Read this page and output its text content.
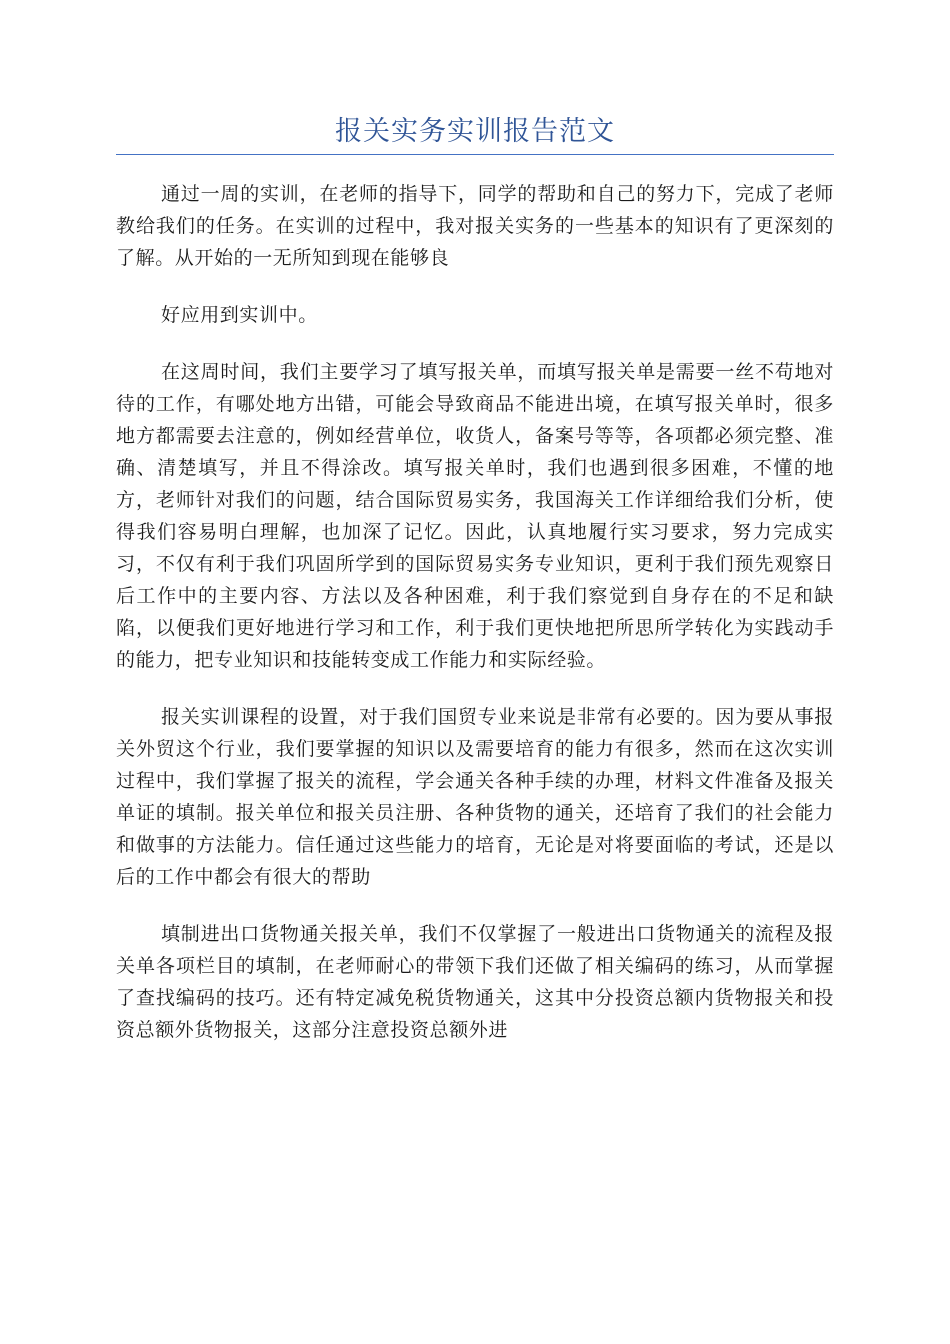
报关实务实训报告范文

通过一周的实训，在老师的指导下，同学的帮助和自己的努力下，完成了老师教给我们的任务。在实训的过程中，我对报关实务的一些基本的知识有了更深刻的了解。从开始的一无所知到现在能够良

好应用到实训中。

在这周时间，我们主要学习了填写报关单，而填写报关单是需要一丝不苟地对待的工作，有哪处地方出错，可能会导致商品不能进出境，在填写报关单时，很多地方都需要去注意的，例如经营单位，收货人，备案号等等，各项都必须完整、准确、清楚填写，并且不得涂改。填写报关单时，我们也遇到很多困难，不懂的地方，老师针对我们的问题，结合国际贸易实务，我国海关工作详细给我们分析，使得我们容易明白理解，也加深了记忆。因此，认真地履行实习要求，努力完成实习，不仅有利于我们巩固所学到的国际贸易实务专业知识，更利于我们预先观察日后工作中的主要内容、方法以及各种困难，利于我们察觉到自身存在的不足和缺陷，以便我们更好地进行学习和工作，利于我们更快地把所思所学转化为实践动手的能力，把专业知识和技能转变成工作能力和实际经验。

报关实训课程的设置，对于我们国贸专业来说是非常有必要的。因为要从事报关外贸这个行业，我们要掌握的知识以及需要培育的能力有很多，然而在这次实训过程中，我们掌握了报关的流程，学会通关各种手续的办理，材料文件准备及报关单证的填制。报关单位和报关员注册、各种货物的通关，还培育了我们的社会能力和做事的方法能力。信任通过这些能力的培育，无论是对将要面临的考试，还是以后的工作中都会有很大的帮助

填制进出口货物通关报关单，我们不仅掌握了一般进出口货物通关的流程及报关单各项栏目的填制，在老师耐心的带领下我们还做了相关编码的练习，从而掌握了查找编码的技巧。还有特定减免税货物通关，这其中分投资总额内货物报关和投资总额外货物报关，这部分注意投资总额外进
